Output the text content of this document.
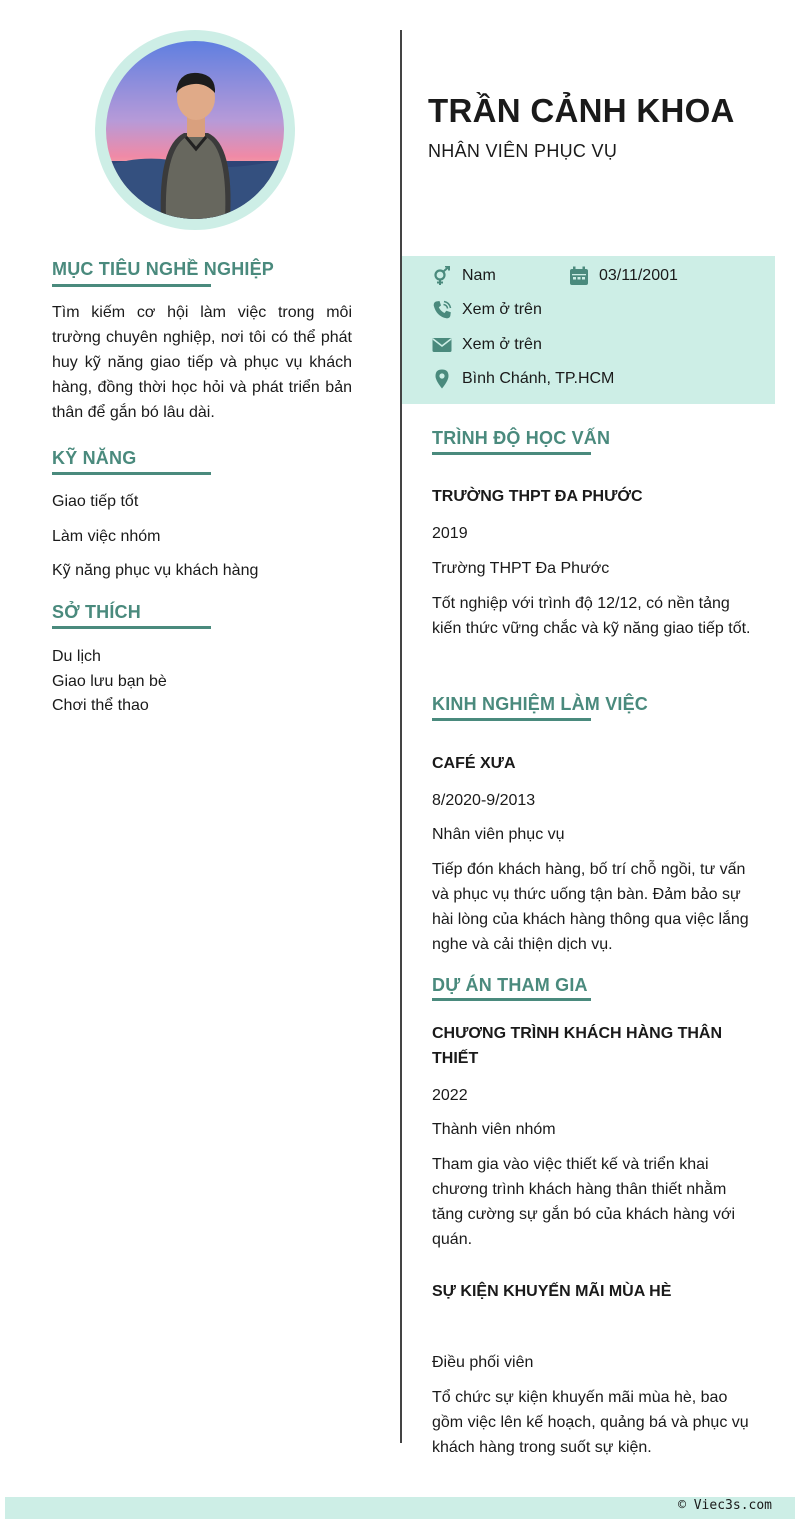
MỤC TIÊU NGHỀ NGHIỆP
Tìm kiếm cơ hội làm việc trong môi trường chuyên nghiệp, nơi tôi có thể phát huy kỹ năng giao tiếp và phục vụ khách hàng, đồng thời học hỏi và phát triển bản thân để gắn bó lâu dài.
KỸ NĂNG
Giao tiếp tốt
Làm việc nhóm
Kỹ năng phục vụ khách hàng
SỞ THÍCH
Du lịch
Giao lưu bạn bè
Chơi thể thao
TRẦN CẢNH KHOA
NHÂN VIÊN PHỤC VỤ
Nam	03/11/2001
Xem ở trên
Xem ở trên
Bình Chánh, TP.HCM
TRÌNH ĐỘ HỌC VẤN
TRƯỜNG THPT ĐA PHƯỚC
2019
Trường THPT Đa Phước
Tốt nghiệp với trình độ 12/12, có nền tảng kiến thức vững chắc và kỹ năng giao tiếp tốt.
KINH NGHIỆM LÀM VIỆC
CAFÉ XƯA
8/2020-9/2013
Nhân viên phục vụ
Tiếp đón khách hàng, bố trí chỗ ngồi, tư vấn và phục vụ thức uống tận bàn. Đảm bảo sự hài lòng của khách hàng thông qua việc lắng nghe và cải thiện dịch vụ.
DỰ ÁN THAM GIA
CHƯƠNG TRÌNH KHÁCH HÀNG THÂN THIẾT
2022
Thành viên nhóm
Tham gia vào việc thiết kế và triển khai chương trình khách hàng thân thiết nhằm tăng cường sự gắn bó của khách hàng với quán.
SỰ KIỆN KHUYẾN MÃI MÙA HÈ
Điều phối viên
Tổ chức sự kiện khuyến mãi mùa hè, bao gồm việc lên kế hoạch, quảng bá và phục vụ khách hàng trong suốt sự kiện.
© Viec3s.com
